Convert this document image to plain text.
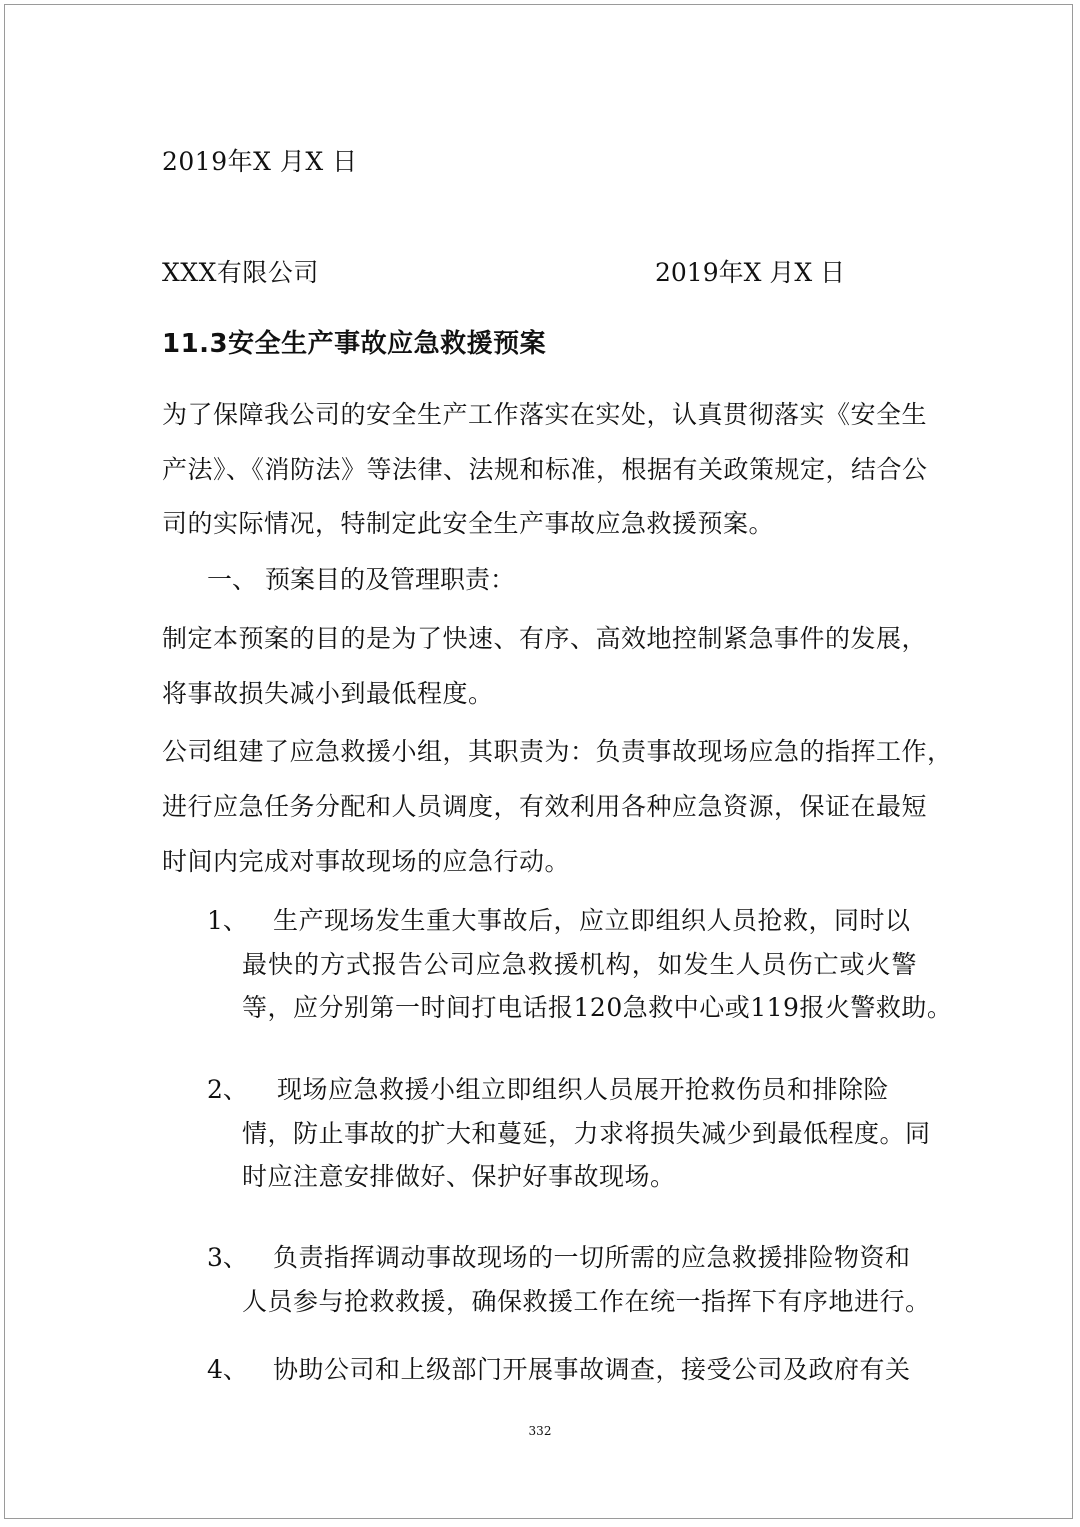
2019年X 月X 日
XXX有限公司	2019年X 月X 日
11.3安全生产事故应急救援预案
为了保障我公司的安全生产工作落实在实处，认真贯彻落实《安全生
产法》、《消防法》等法律、法规和标准，根据有关政策规定，结合公
司的实际情况，特制定此安全生产事故应急救援预案。
一、 预案目的及管理职责：
制定本预案的目的是为了快速、有序、高效地控制紧急事件的发展，
将事故损失减小到最低程度。
公司组建了应急救援小组，其职责为：负责事故现场应急的指挥工作，
进行应急任务分配和人员调度，有效利用各种应急资源，保证在最短
时间内完成对事故现场的应急行动。
1、 生产现场发生重大事故后，应立即组织人员抢救，同时以
最快的方式报告公司应急救援机构，如发生人员伤亡或火警
等，应分别第一时间打电话报120急救中心或119报火警救助。
2、 现场应急救援小组立即组织人员展开抢救伤员和排除险
情，防止事故的扩大和蔓延，力求将损失减少到最低程度。同
时应注意安排做好、保护好事故现场。
3、 负责指挥调动事故现场的一切所需的应急救援排险物资和
人员参与抢救救援，确保救援工作在统一指挥下有序地进行。
4、 协助公司和上级部门开展事故调查，接受公司及政府有关
332
